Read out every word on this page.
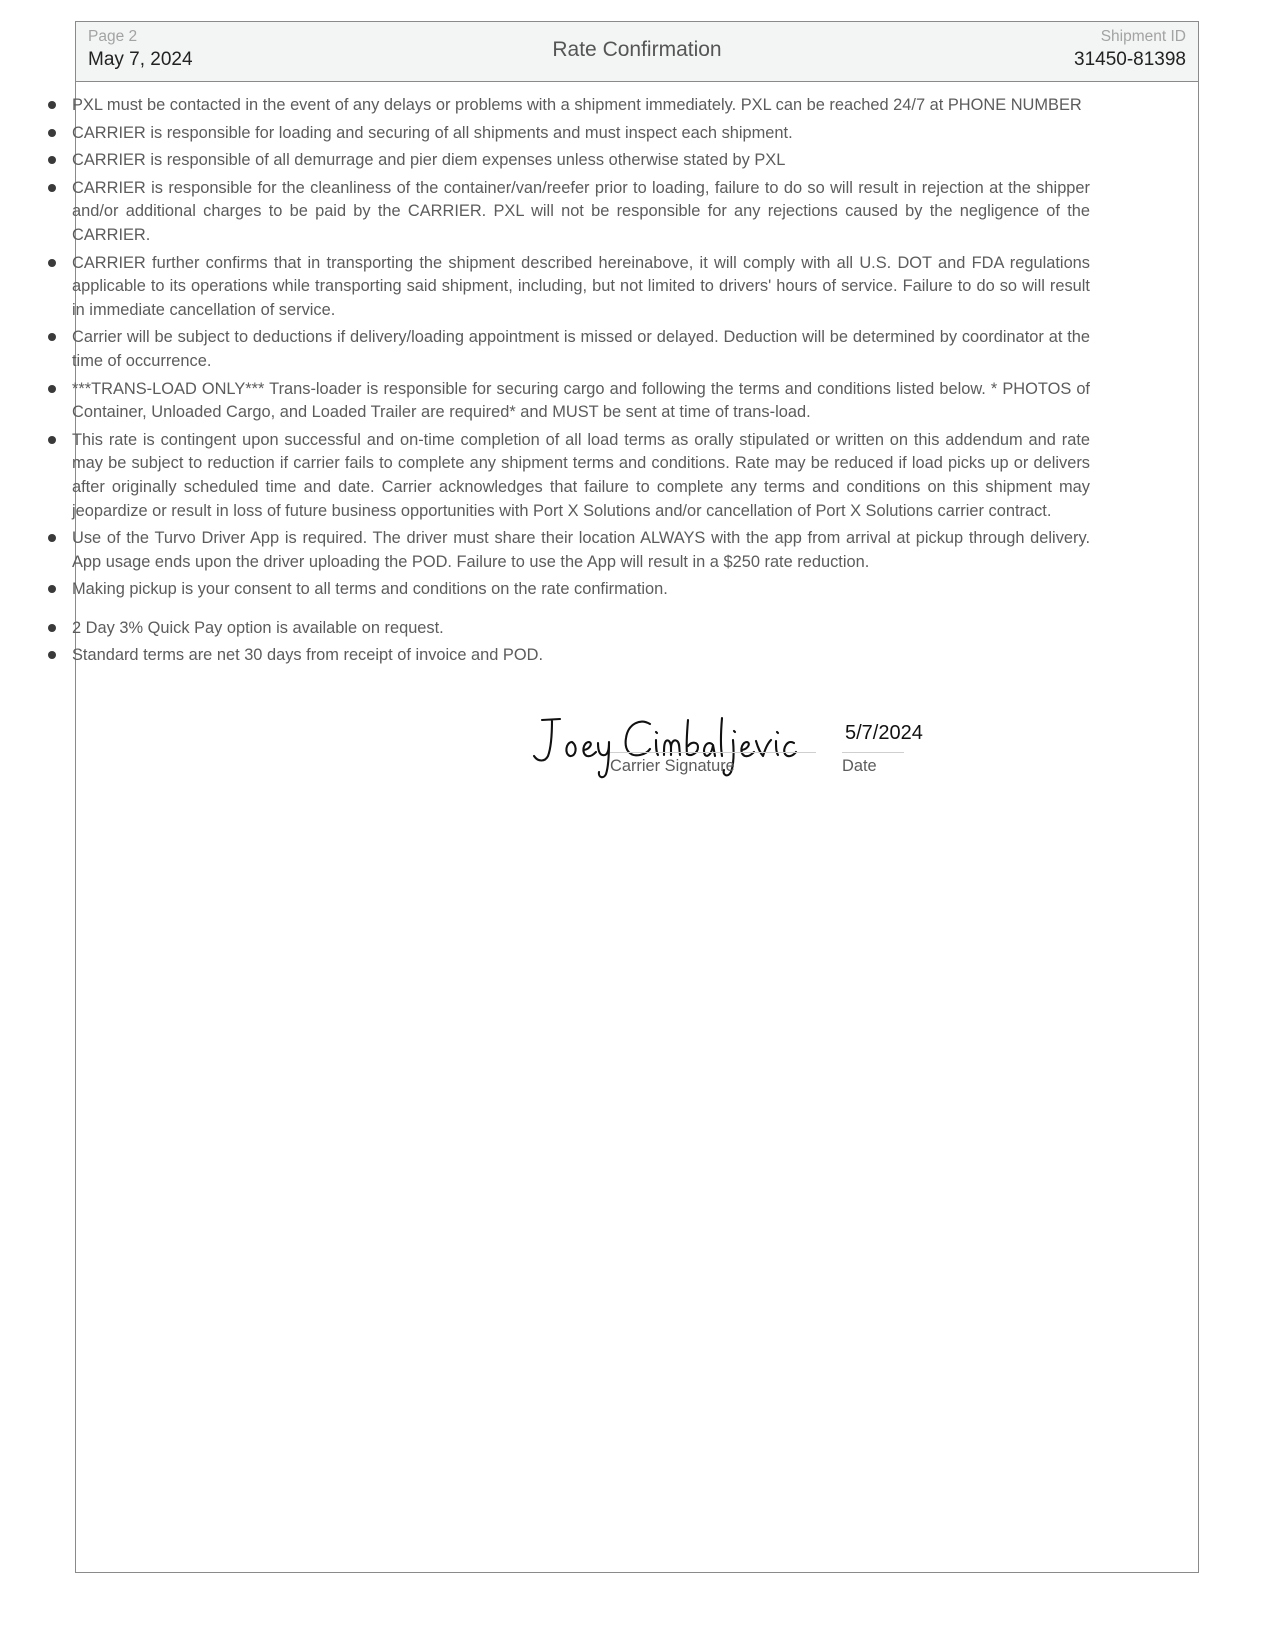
Page 2
May 7, 2024	Rate Confirmation
Shipment ID
31450-81398
PXL must be contacted in the event of any delays or problems with a shipment immediately. PXL can be reached 24/7 at PHONE NUMBER
CARRIER is responsible for loading and securing of all shipments and must inspect each shipment.
CARRIER is responsible of all demurrage and pier diem expenses unless otherwise stated by PXL
CARRIER is responsible for the cleanliness of the container/van/reefer prior to loading, failure to do so will result in rejection at the shipper and/or additional charges to be paid by the CARRIER. PXL will not be responsible for any rejections caused by the negligence of the CARRIER.
CARRIER further confirms that in transporting the shipment described hereinabove, it will comply with all U.S. DOT and FDA regulations applicable to its operations while transporting said shipment, including, but not limited to drivers' hours of service. Failure to do so will result in immediate cancellation of service.
Carrier will be subject to deductions if delivery/loading appointment is missed or delayed. Deduction will be determined by coordinator at the time of occurrence.
***TRANS-LOAD ONLY*** Trans-loader is responsible for securing cargo and following the terms and conditions listed below. * PHOTOS of Container, Unloaded Cargo, and Loaded Trailer are required* and MUST be sent at time of trans-load.
This rate is contingent upon successful and on-time completion of all load terms as orally stipulated or written on this addendum and rate may be subject to reduction if carrier fails to complete any shipment terms and conditions. Rate may be reduced if load picks up or delivers after originally scheduled time and date. Carrier acknowledges that failure to complete any terms and conditions on this shipment may jeopardize or result in loss of future business opportunities with Port X Solutions and/or cancellation of Port X Solutions carrier contract.
Use of the Turvo Driver App is required. The driver must share their location ALWAYS with the app from arrival at pickup through delivery. App usage ends upon the driver uploading the POD. Failure to use the App will result in a $250 rate reduction.
Making pickup is your consent to all terms and conditions on the rate confirmation.
2 Day 3% Quick Pay option is available on request.
Standard terms are net 30 days from receipt of invoice and POD.
Carrier Signature
5/7/2024
Date
